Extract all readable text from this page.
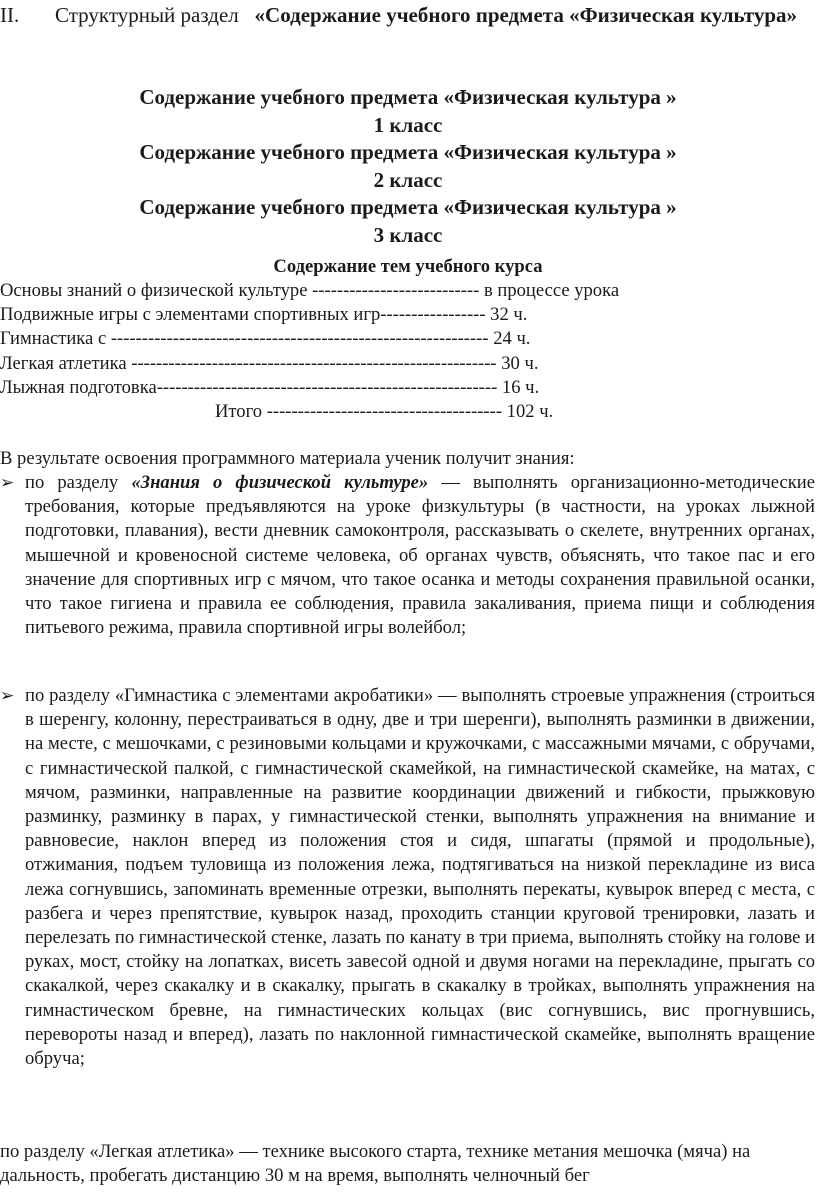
II. Структурный раздел «Содержание учебного предмета «Физическая культура»
Содержание учебного предмета «Физическая культура »
1 класс
Содержание учебного предмета «Физическая культура »
2 класс
Содержание учебного предмета «Физическая культура »
3 класс
Содержание тем учебного курса
Основы знаний о физической культуре --------------------------- в процессе урока
Подвижные игры с элементами спортивных игр----------------- 32 ч.
Гимнастика с ------------------------------------------------------------- 24 ч.
Легкая атлетика ----------------------------------------------------------- 30 ч.
Лыжная подготовка------------------------------------------------------- 16 ч.
Итого -------------------------------------- 102 ч.
В результате освоения программного материала ученик получит знания:
➢ по разделу «Знания о физической культуре» — выполнять организационно-методические требования, которые предъявляются на уроке физкультуры (в частности, на уроках лыжной подготовки, плавания), вести дневник самоконтроля, рассказывать о скелете, внутренних органах, мышечной и кровеносной системе человека, об органах чувств, объяснять, что такое пас и его значение для спортивных игр с мячом, что такое осанка и методы сохранения правильной осанки, что такое гигиена и правила ее соблюдения, правила закаливания, приема пищи и соблюдения питьевого режима, правила спортивной игры волейбол;
➢ по разделу «Гимнастика с элементами акробатики» — выполнять строевые упражнения (строиться в шеренгу, колонну, перестраиваться в одну, две и три шеренги), выполнять разминки в движении, на месте, с мешочками, с резиновыми кольцами и кружочками, с массажными мячами, с обручами, с гимнастической палкой, с гимнастической скамейкой, на гимнастической скамейке, на матах, с мячом, разминки, направленные на развитие координации движений и гибкости, прыжковую разминку, разминку в парах, у гимнастической стенки, выполнять упражнения на внимание и равновесие, наклон вперед из положения стоя и сидя, шпагаты (прямой и продольные), отжимания, подъем туловища из положения лежа, подтягиваться на низкой перекладине из виса лежа согнувшись, запоминать временные отрезки, выполнять перекаты, кувырок вперед с места, с разбега и через препятствие, кувырок назад, проходить станции круговой тренировки, лазать и перелезать по гимнастической стенке, лазать по канату в три приема, выполнять стойку на голове и руках, мост, стойку на лопатках, висеть завесой одной и двумя ногами на перекладине, прыгать со скакалкой, через скакалку и в скакалку, прыгать в скакалку в тройках, выполнять упражнения на гимнастическом бревне, на гимнастических кольцах (вис согнувшись, вис прогнувшись, перевороты назад и вперед), лазать по наклонной гимнастической скамейке, выполнять вращение обруча;
по разделу «Легкая атлетика» — технике высокого старта, технике метания мешочка (мяча) на дальность, пробегать дистанцию 30 м на время, выполнять челночный бег
